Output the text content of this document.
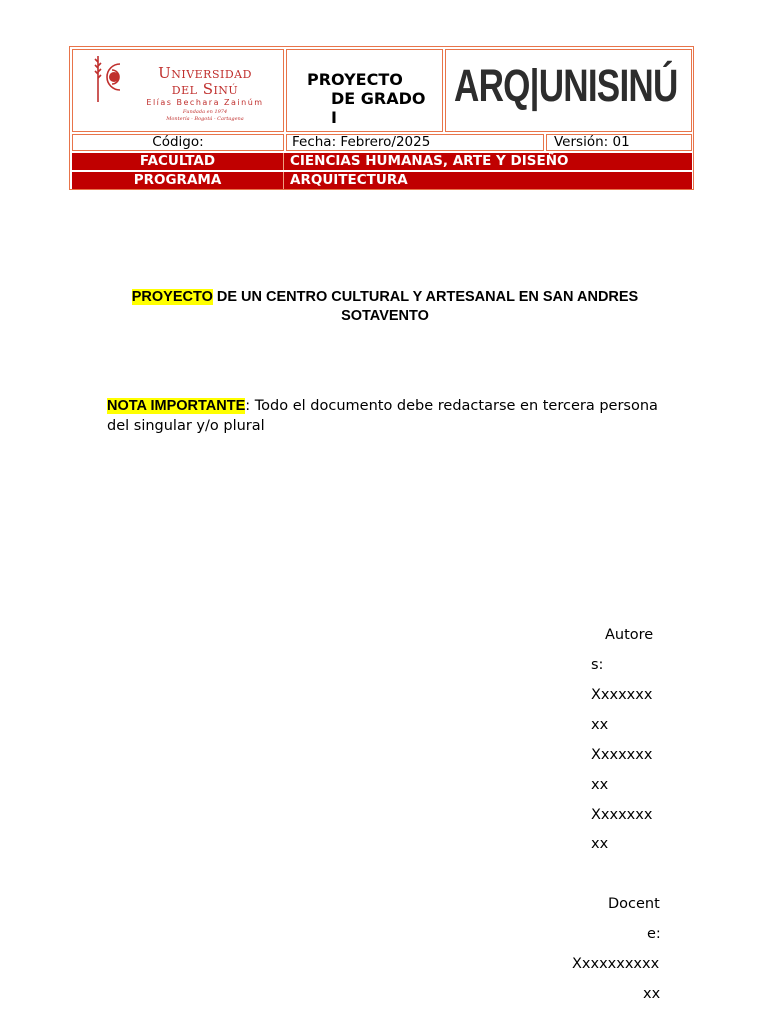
Universidad
del Sinú
Elías Bechara Zainúm
Fundada en 1974
Montería - Bogotá - Cartagena
PROYECTO
DE GRADO
I
ARQ|UNISINÚ
Código:	Fecha: Febrero/2025	Versión: 01
FACULTAD	CIENCIAS HUMANAS, ARTE Y DISEÑO
PROGRAMA	ARQUITECTURA
PROYECTO DE UN CENTRO CULTURAL Y ARTESANAL EN SAN ANDRES
SOTAVENTO
NOTA IMPORTANTE: Todo el documento debe redactarse en tercera persona
del singular y/o plural
Autore
s:
Xxxxxxx
xx
Xxxxxxx
xx
Xxxxxxx
xx
Docent
e:
Xxxxxxxxxx
xx
